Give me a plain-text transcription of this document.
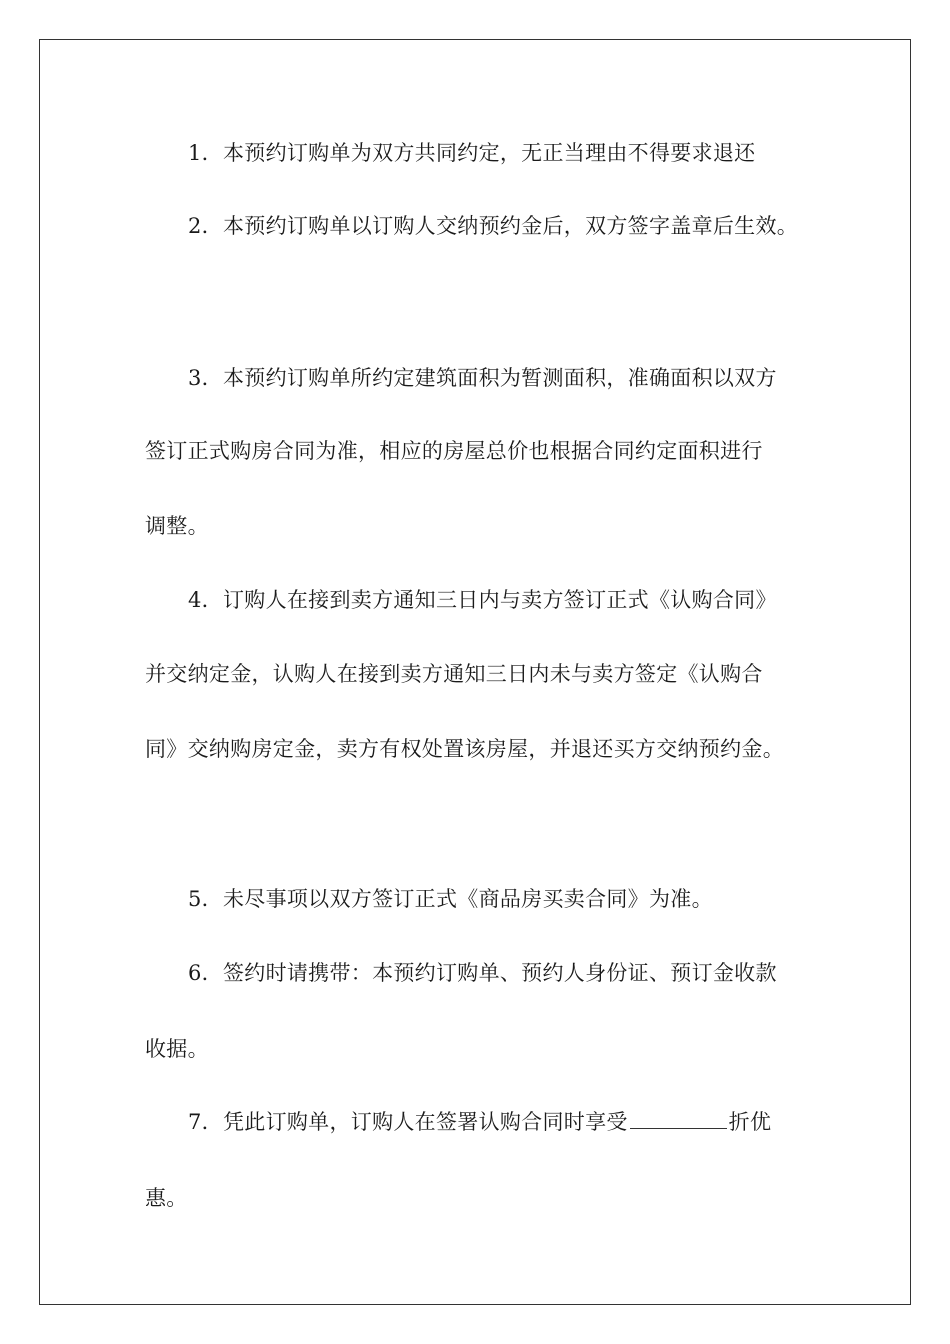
1．本预约订购单为双方共同约定，无正当理由不得要求退还
2．本预约订购单以订购人交纳预约金后，双方签字盖章后生效。
3．本预约订购单所约定建筑面积为暂测面积，准确面积以双方
签订正式购房合同为准，相应的房屋总价也根据合同约定面积进行
调整。
4．订购人在接到卖方通知三日内与卖方签订正式《认购合同》
并交纳定金，认购人在接到卖方通知三日内未与卖方签定《认购合
同》交纳购房定金，卖方有权处置该房屋，并退还买方交纳预约金。
5．未尽事项以双方签订正式《商品房买卖合同》为准。
6．签约时请携带：本预约订购单、预约人身份证、预订金收款
收据。
7．凭此订购单，订购人在签署认购合同时享受	折优
惠。
